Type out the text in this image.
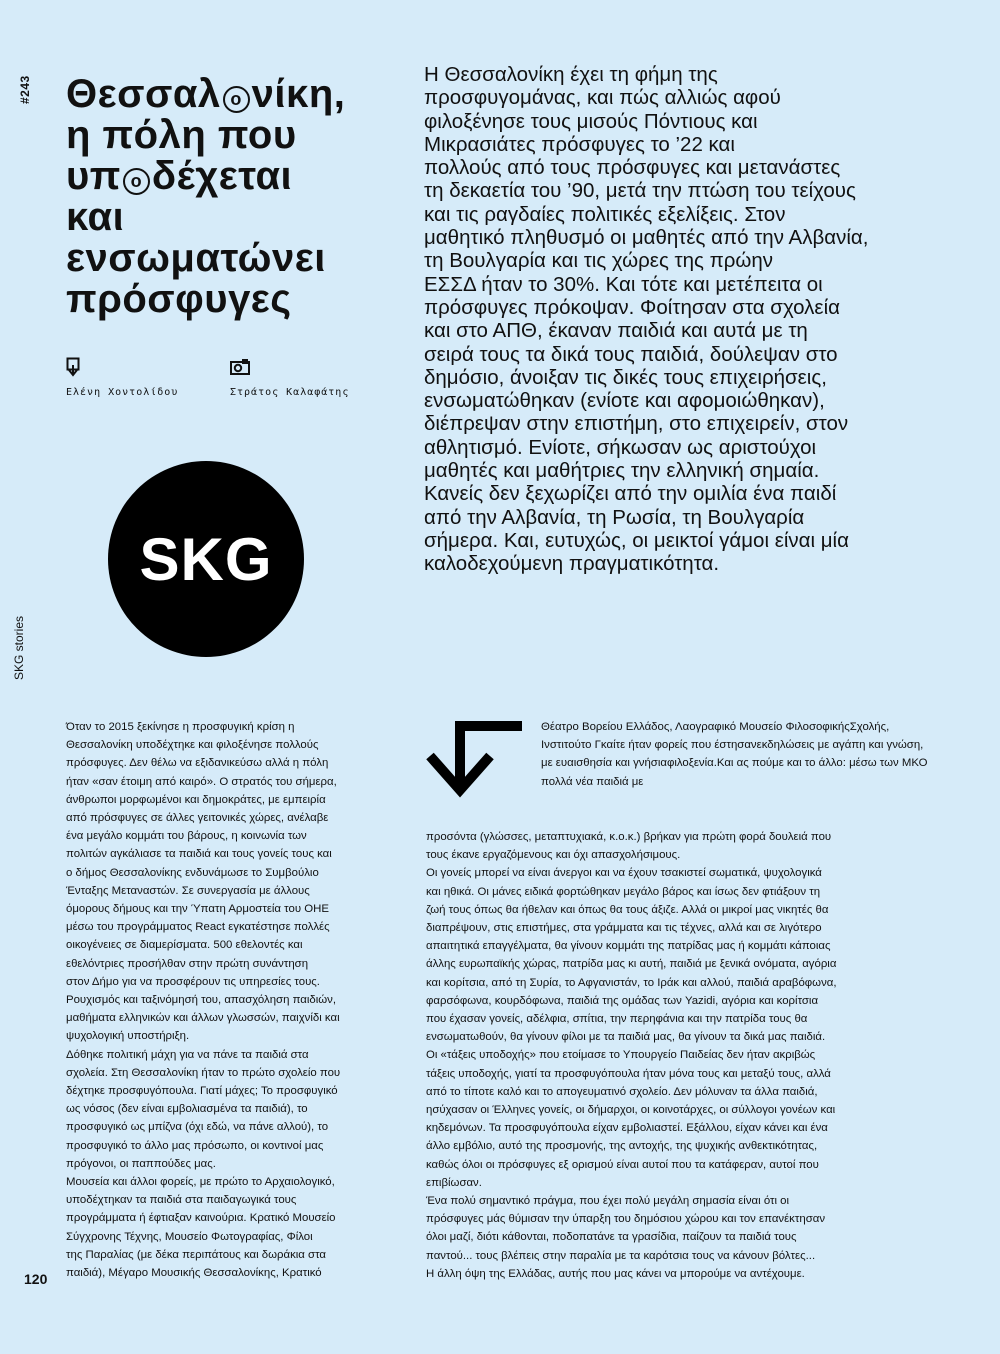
#243
SKG stories
120
Θεσσαλ ο νίκη,
η πόλη που
υπ ο δέχεται
και
ενσωματώνει
πρόσφυγες
Ελένη Χοντολίδου	Στράτος Καλαφάτης
SKG
Η Θεσσαλονίκη έχει τη φήμη της
προσφυγομάνας, και πώς αλλιώς αφού
φιλοξένησε τους μισούς Πόντιους και
Μικρασιάτες πρόσφυγες το ’22 και
πολλούς από τους πρόσφυγες και μετανάστες
τη δεκαετία του ’90, μετά την πτώση του τείχους
και τις ραγδαίες πολιτικές εξελίξεις. Στον
μαθητικό πληθυσμό οι μαθητές από την Αλβανία,
τη Βουλγαρία και τις χώρες της πρώην
ΕΣΣΔ ήταν το 30%. Και τότε και μετέπειτα οι
πρόσφυγες πρόκοψαν. Φοίτησαν στα σχολεία
και στο ΑΠΘ, έκαναν παιδιά και αυτά με τη
σειρά τους τα δικά τους παιδιά, δούλεψαν στο
δημόσιο, άνοιξαν τις δικές τους επιχειρήσεις,
ενσωματώθηκαν (ενίοτε και αφομοιώθηκαν),
διέπρεψαν στην επιστήμη, στο επιχειρείν, στον
αθλητισμό. Ενίοτε, σήκωσαν ως αριστούχοι
μαθητές και μαθήτριες την ελληνική σημαία.
Κανείς δεν ξεχωρίζει από την ομιλία ένα παιδί
από την Αλβανία, τη Ρωσία, τη Βουλγαρία
σήμερα. Και, ευτυχώς, οι μεικτοί γάμοι είναι μία
καλοδεχούμενη πραγματικότητα.
Όταν το 2015 ξεκίνησε η προσφυγική κρίση η
Θεσσαλονίκη υποδέχτηκε και φιλοξένησε πολλούς
πρόσφυγες. Δεν θέλω να εξιδανικεύσω αλλά η πόλη
ήταν «σαν έτοιμη από καιρό». Ο στρατός του σήμερα,
άνθρωποι μορφωμένοι και δημοκράτες, με εμπειρία
από πρόσφυγες σε άλλες γειτονικές χώρες, ανέλαβε
ένα μεγάλο κομμάτι του βάρους, η κοινωνία των
πολιτών αγκάλιασε τα παιδιά και τους γονείς τους και
ο δήμος Θεσσαλονίκης ενδυνάμωσε το Συμβούλιο
Ένταξης Μεταναστών. Σε συνεργασία με άλλους
όμορους δήμους και την Ύπατη Αρμοστεία του ΟΗΕ
μέσω του προγράμματος React εγκατέστησε πολλές
οικογένειες σε διαμερίσματα. 500 εθελοντές και
εθελόντριες προσήλθαν στην πρώτη συνάντηση
στον Δήμο για να προσφέρουν τις υπηρεσίες τους.
Ρουχισμός και ταξινόμησή του, απασχόληση παιδιών,
μαθήματα ελληνικών και άλλων γλωσσών, παιχνίδι και
ψυχολογική υποστήριξη.
Δόθηκε πολιτική μάχη για να πάνε τα παιδιά στα
σχολεία. Στη Θεσσαλονίκη ήταν το πρώτο σχολείο που
δέχτηκε προσφυγόπουλα. Γιατί μάχες; Το προσφυγικό
ως νόσος (δεν είναι εμβολιασμένα τα παιδιά), το
προσφυγικό ως μπίζνα (όχι εδώ, να πάνε αλλού), το
προσφυγικό το άλλο μας πρόσωπο, οι κοντινοί μας
πρόγονοι, οι παππούδες μας.
Μουσεία και άλλοι φορείς, με πρώτο το Αρχαιολογικό,
υποδέχτηκαν τα παιδιά στα παιδαγωγικά τους
προγράμματα ή έφτιαξαν καινούρια. Κρατικό Μουσείο
Σύγχρονης Τέχνης, Μουσείο Φωτογραφίας, Φίλοι
της Παραλίας (με δέκα περιπάτους και δωράκια στα
παιδιά), Μέγαρο Μουσικής Θεσσαλονίκης, Κρατικό
Θέατρο Βορείου Ελλάδος, Λαογραφικό Μουσείο ΦιλοσοφικήςΣχολής, Ινστιτούτο Γκαίτε ήταν φορείς που έστησανεκδηλώσεις με αγάπη και γνώση, με ευαισθησία και γνήσιαφιλοξενία.Και ας πούμε και το άλλο: μέσω των ΜΚΟ πολλά νέα παιδιά με
προσόντα (γλώσσες, μεταπτυχιακά, κ.ο.κ.) βρήκαν για πρώτη φορά δουλειά που
τους έκανε εργαζόμενους και όχι απασχολήσιμους.
Οι γονείς μπορεί να είναι άνεργοι και να έχουν τσακιστεί σωματικά, ψυχολογικά
και ηθικά. Οι μάνες ειδικά φορτώθηκαν μεγάλο βάρος και ίσως δεν φτιάξουν τη
ζωή τους όπως θα ήθελαν και όπως θα τους άξιζε. Αλλά οι μικροί μας νικητές θα
διαπρέψουν, στις επιστήμες, στα γράμματα και τις τέχνες, αλλά και σε λιγότερο
απαιτητικά επαγγέλματα, θα γίνουν κομμάτι της πατρίδας μας ή κομμάτι κάποιας
άλλης ευρωπαϊκής χώρας, πατρίδα μας κι αυτή, παιδιά με ξενικά ονόματα, αγόρια
και κορίτσια, από τη Συρία, το Αφγανιστάν, το Ιράκ και αλλού, παιδιά αραβόφωνα,
φαρσόφωνα, κουρδόφωνα, παιδιά της ομάδας των Yazidi, αγόρια και κορίτσια
που έχασαν γονείς, αδέλφια, σπίτια, την περηφάνια και την πατρίδα τους θα
ενσωματωθούν, θα γίνουν φίλοι με τα παιδιά μας, θα γίνουν τα δικά μας παιδιά.
Οι «τάξεις υποδοχής» που ετοίμασε το Υπουργείο Παιδείας δεν ήταν ακριβώς
τάξεις υποδοχής, γιατί τα προσφυγόπουλα ήταν μόνα τους και μεταξύ τους, αλλά
από το τίποτε καλό και το απογευματινό σχολείο. Δεν μόλυναν τα άλλα παιδιά,
ησύχασαν οι Έλληνες γονείς, οι δήμαρχοι, οι κοινοτάρχες, οι σύλλογοι γονέων και
κηδεμόνων. Τα προσφυγόπουλα είχαν εμβολιαστεί. Εξάλλου, είχαν κάνει και ένα
άλλο εμβόλιο, αυτό της προσμονής, της αντοχής, της ψυχικής ανθεκτικότητας,
καθώς όλοι οι πρόσφυγες εξ ορισμού είναι αυτοί που τα κατάφεραν, αυτοί που
επιβίωσαν.
Ένα πολύ σημαντικό πράγμα, που έχει πολύ μεγάλη σημασία είναι ότι οι
πρόσφυγες μάς θύμισαν την ύπαρξη του δημόσιου χώρου και τον επανέκτησαν
όλοι μαζί, διότι κάθονται, ποδοπατάνε τα γρασίδια, παίζουν τα παιδιά τους
παντού... τους βλέπεις στην παραλία με τα καρότσια τους να κάνουν βόλτες...
Η άλλη όψη της Ελλάδας, αυτής που μας κάνει να μπορούμε να αντέχουμε.
